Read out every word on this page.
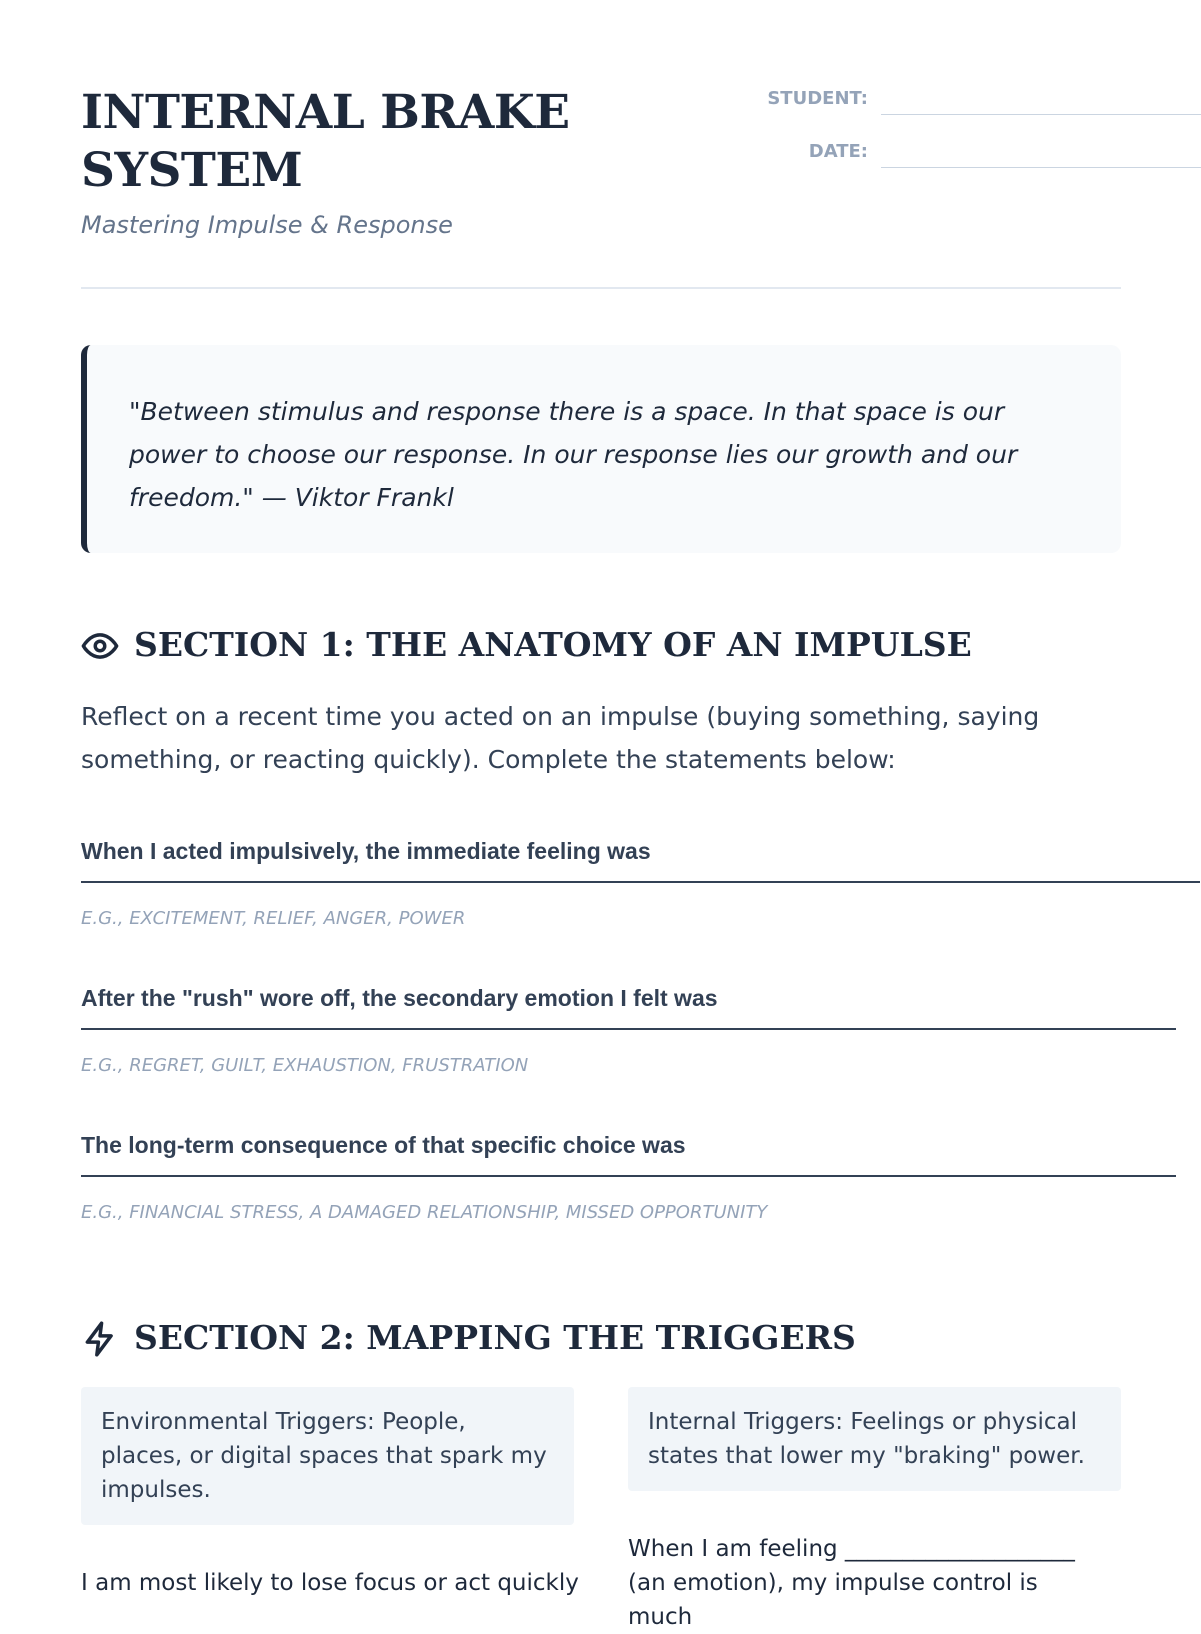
INTERNAL BRAKE
SYSTEM
Mastering Impulse & Response
STUDENT:
DATE:
"Between stimulus and response there is a space. In that space is our power to choose our response. In our response lies our growth and our freedom." — Viktor Frankl
SECTION 1: THE ANATOMY OF AN IMPULSE
Reflect on a recent time you acted on an impulse (buying something, saying something, or reacting quickly). Complete the statements below:
When I acted impulsively, the immediate feeling was
E.G., EXCITEMENT, RELIEF, ANGER, POWER
After the "rush" wore off, the secondary emotion I felt was
E.G., REGRET, GUILT, EXHAUSTION, FRUSTRATION
The long-term consequence of that specific choice was
E.G., FINANCIAL STRESS, A DAMAGED RELATIONSHIP, MISSED OPPORTUNITY
SECTION 2: MAPPING THE TRIGGERS
Environmental Triggers: People, places, or digital spaces that spark my impulses.
Internal Triggers: Feelings or physical states that lower my "braking" power.
I am most likely to lose focus or act quickly
When I am feeling ____________________ (an emotion), my impulse control is much
